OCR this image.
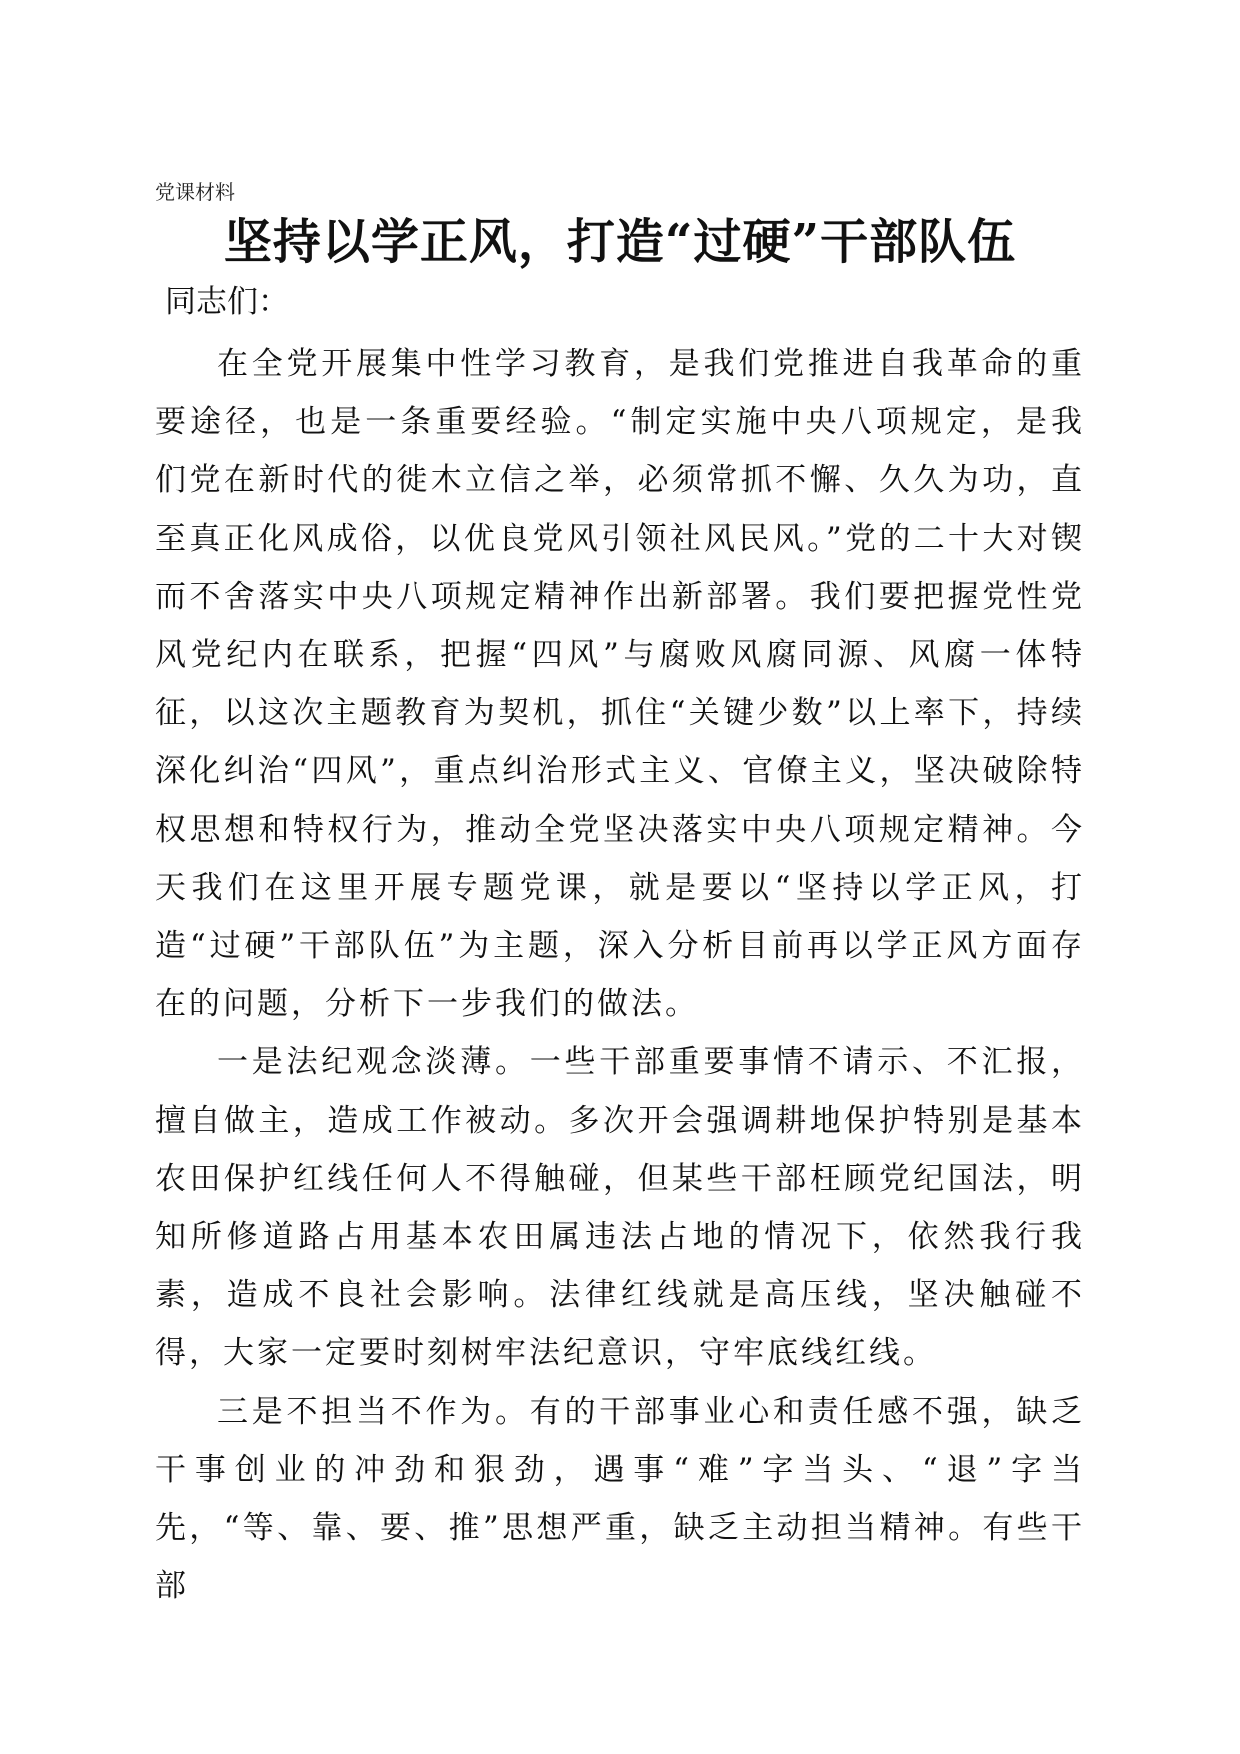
党课材料
坚持以学正风，打造“过硬”干部队伍
同志们：

在全党开展集中性学习教育，是我们党推进自我革命的重要途径，也是一条重要经验。“制定实施中央八项规定，是我们党在新时代的徙木立信之举，必须常抓不懈、久久为功，直至真正化风成俗，以优良党风引领社风民风。”党的二十大对锲而不舍落实中央八项规定精神作出新部署。我们要把握党性党风党纪内在联系，把握“四风”与腐败风腐同源、风腐一体特征，以这次主题教育为契机，抓住“关键少数”以上率下，持续深化纠治“四风”，重点纠治形式主义、官僚主义，坚决破除特权思想和特权行为，推动全党坚决落实中央八项规定精神。今天我们在这里开展专题党课，就是要以“坚持以学正风，打造“过硬”干部队伍”为主题，深入分析目前再以学正风方面存在的问题，分析下一步我们的做法。

一是法纪观念淡薄。一些干部重要事情不请示、不汇报，擅自做主，造成工作被动。多次开会强调耕地保护特别是基本农田保护红线任何人不得触碰，但某些干部枉顾党纪国法，明知所修道路占用基本农田属违法占地的情况下，依然我行我素，造成不良社会影响。法律红线就是高压线，坚决触碰不得，大家一定要时刻树牢法纪意识，守牢底线红线。

三是不担当不作为。有的干部事业心和责任感不强，缺乏干事创业的冲劲和狠劲，遇事“难”字当头、“退”字当先，“等、靠、要、推”思想严重，缺乏主动担当精神。有些干部
